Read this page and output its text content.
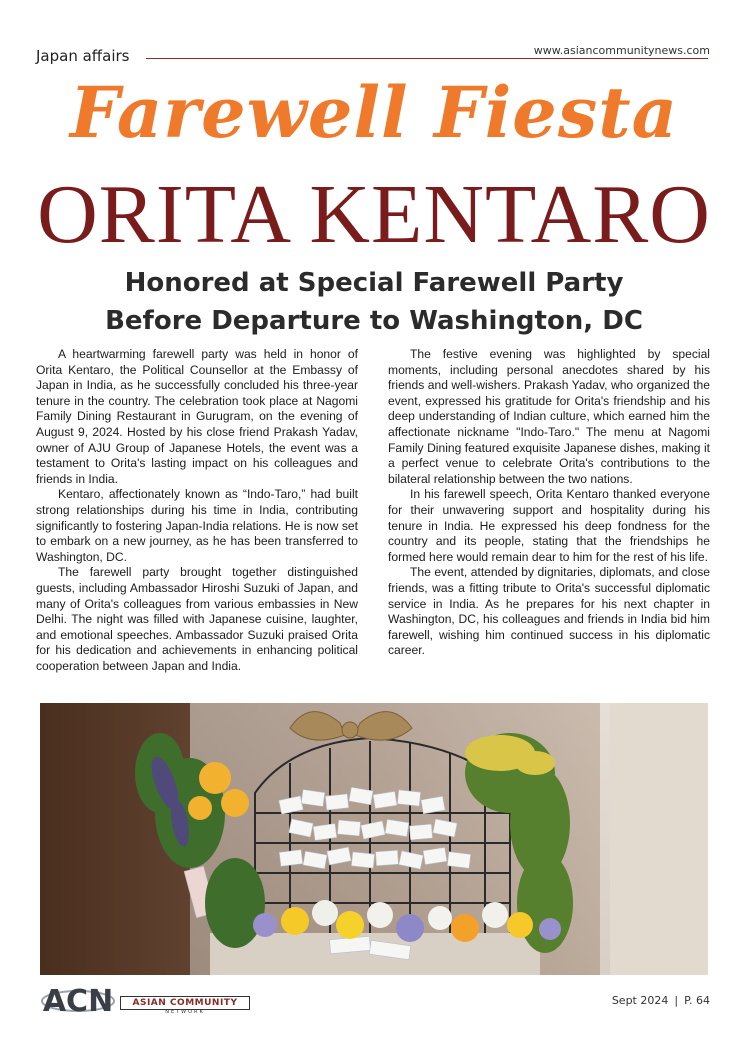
Japan affairs	www.asiancommunitynews.com
Farewell Fiesta
ORITA KENTARO
Honored at Special Farewell Party
Before Departure to Washington, DC

A heartwarming farewell party was held in honor of Orita Kentaro, the Political Counsellor at the Embassy of Japan in India, as he successfully concluded his three-year tenure in the country. The celebration took place at Nagomi Family Dining Restaurant in Gurugram, on the evening of August 9, 2024. Hosted by his close friend Prakash Yadav, owner of AJU Group of Japanese Hotels, the event was a testament to Orita's lasting impact on his colleagues and friends in India.

Kentaro, affectionately known as “Indo-Taro,” had built strong relationships during his time in India, contributing significantly to fostering Japan-India relations. He is now set to embark on a new journey, as he has been transferred to Washington, DC.

The farewell party brought together distinguished guests, including Ambassador Hiroshi Suzuki of Japan, and many of Orita's colleagues from various embassies in New Delhi. The night was filled with Japanese cuisine, laughter, and emotional speeches. Ambassador Suzuki praised Orita for his dedication and achievements in enhancing political cooperation between Japan and India.

The festive evening was highlighted by special moments, including personal anecdotes shared by his friends and well-wishers. Prakash Yadav, who organized the event, expressed his gratitude for Orita's friendship and his deep understanding of Indian culture, which earned him the affectionate nickname "Indo-Taro." The menu at Nagomi Family Dining featured exquisite Japanese dishes, making it a perfect venue to celebrate Orita's contributions to the bilateral relationship between the two nations.

In his farewell speech, Orita Kentaro thanked everyone for their unwavering support and hospitality during his tenure in India. He expressed his deep fondness for the country and its people, stating that the friendships he formed here would remain dear to him for the rest of his life.

The event, attended by dignitaries, diplomats, and close friends, was a fitting tribute to Orita's successful diplomatic service in India. As he prepares for his next chapter in Washington, DC, his colleagues and friends in India bid him farewell, wishing him continued success in his diplomatic career.

ACN	ASIAN COMMUNITY
NETWORK
Sept 2024 | P. 64
